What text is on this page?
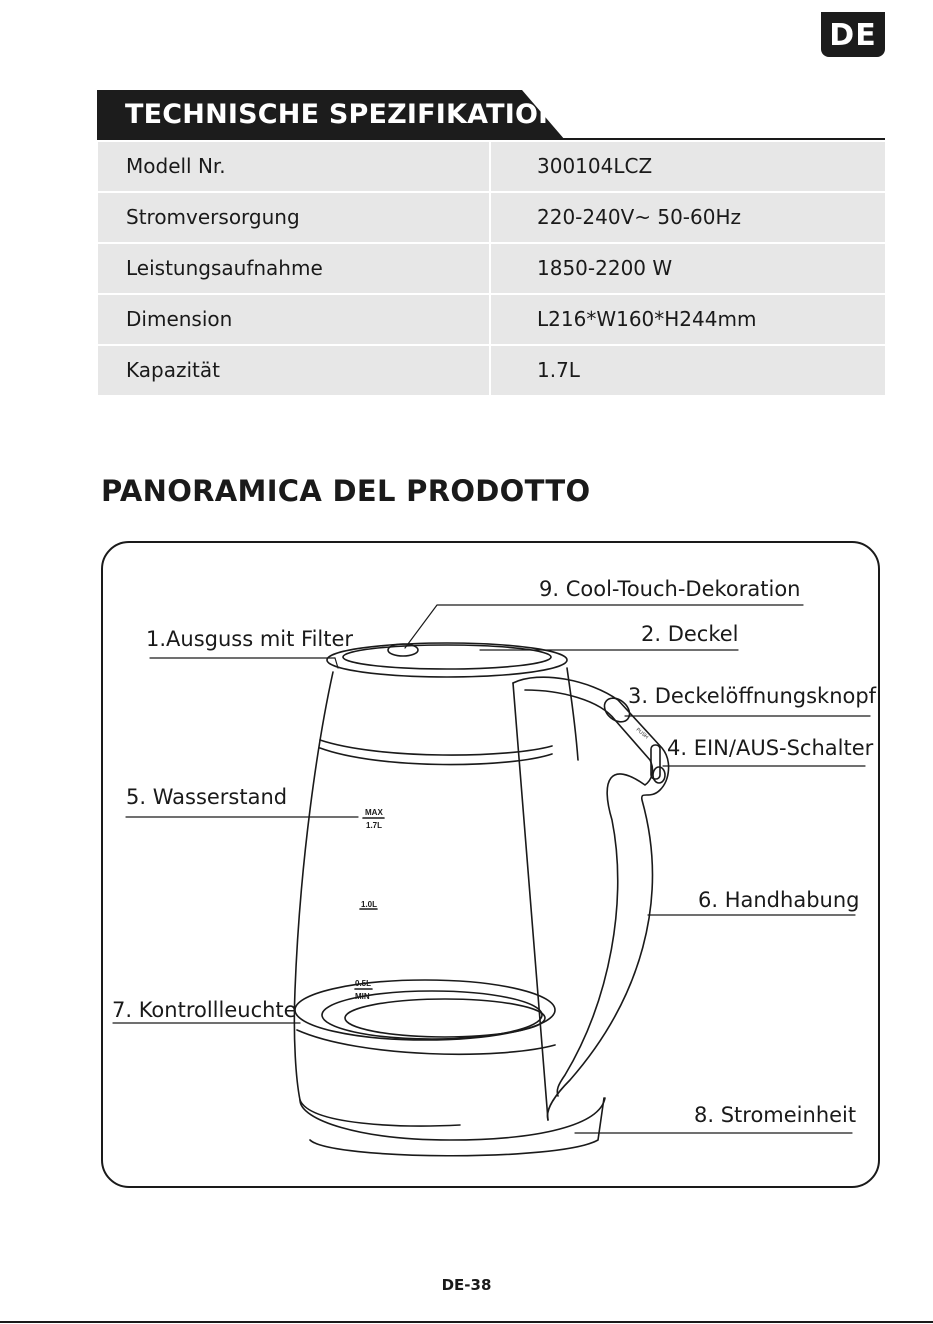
DE
TECHNISCHE SPEZIFIKATION
Modell Nr.	300104LCZ
Stromversorgung	220-240V~ 50-60Hz
Leistungsaufnahme	1850-2200 W
Dimension	L216*W160*H244mm
Kapazität	1.7L
PANORAMICA DEL PRODOTTO
MAX
1.7L
1.0L
0.5L
MIN
PUSH
9. Cool-Touch-Dekoration
1.Ausguss mit Filter	2. Deckel
3. Deckelöffnungsknopf
4. EIN/AUS-Schalter
5. Wasserstand
6. Handhabung
7. Kontrollleuchte
8. Stromeinheit
DE-38
